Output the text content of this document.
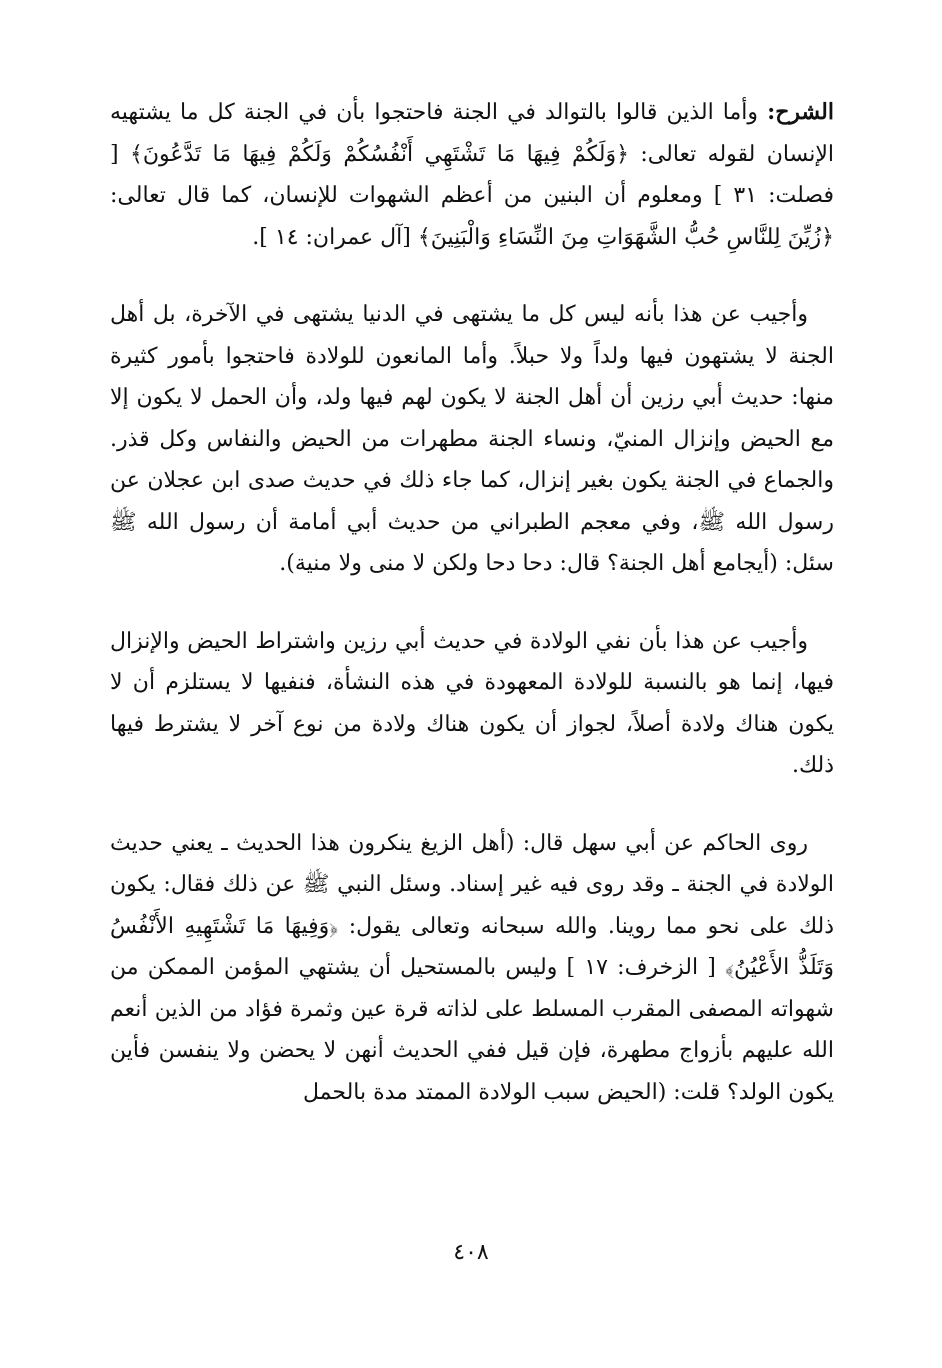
الشرح: وأما الذين قالوا بالتوالد في الجنة فاحتجوا بأن في الجنة كل ما يشتهيه الإنسان لقوله تعالى: ﴿وَلَكُمْ فِيهَا مَا تَشْتَهِي أَنْفُسُكُمْ وَلَكُمْ فِيهَا مَا تَدَّعُونَ﴾ [ فصلت: ٣١ ] ومعلوم أن البنين من أعظم الشهوات للإنسان، كما قال تعالى: ﴿زُيِّنَ لِلنَّاسِ حُبُّ الشَّهَوَاتِ مِنَ النِّسَاءِ وَالْبَنِينَ﴾ [آل عمران: ١٤ ].

وأجيب عن هذا بأنه ليس كل ما يشتهى في الدنيا يشتهى في الآخرة، بل أهل الجنة لا يشتهون فيها ولداً ولا حبلاً. وأما المانعون للولادة فاحتجوا بأمور كثيرة منها: حديث أبي رزين أن أهل الجنة لا يكون لهم فيها ولد، وأن الحمل لا يكون إلا مع الحيض وإنزال المنيّ، ونساء الجنة مطهرات من الحيض والنفاس وكل قذر. والجماع في الجنة يكون بغير إنزال، كما جاء ذلك في حديث صدى ابن عجلان عن رسول الله ﷺ، وفي معجم الطبراني من حديث أبي أمامة أن رسول الله ﷺ سئل: (أيجامع أهل الجنة؟ قال: دحا دحا ولكن لا منى ولا منية).

وأجيب عن هذا بأن نفي الولادة في حديث أبي رزين واشتراط الحيض والإنزال فيها، إنما هو بالنسبة للولادة المعهودة في هذه النشأة، فنفيها لا يستلزم أن لا يكون هناك ولادة أصلاً، لجواز أن يكون هناك ولادة من نوع آخر لا يشترط فيها ذلك.

روى الحاكم عن أبي سهل قال: (أهل الزيغ ينكرون هذا الحديث ـ يعني حديث الولادة في الجنة ـ وقد روى فيه غير إسناد. وسئل النبي ﷺ عن ذلك فقال: يكون ذلك على نحو مما روينا. والله سبحانه وتعالى يقول: ﴿وَفِيهَا مَا تَشْتَهِيهِ الأَنْفُسُ وَتَلَذُّ الأَعْيُنُ﴾ [ الزخرف: ١٧ ] وليس بالمستحيل أن يشتهي المؤمن الممكن من شهواته المصفى المقرب المسلط على لذاته قرة عين وثمرة فؤاد من الذين أنعم الله عليهم بأزواج مطهرة، فإن قيل ففي الحديث أنهن لا يحضن ولا ينفسن فأين يكون الولد؟ قلت: (الحيض سبب الولادة الممتد مدة بالحمل

٤٠٨
